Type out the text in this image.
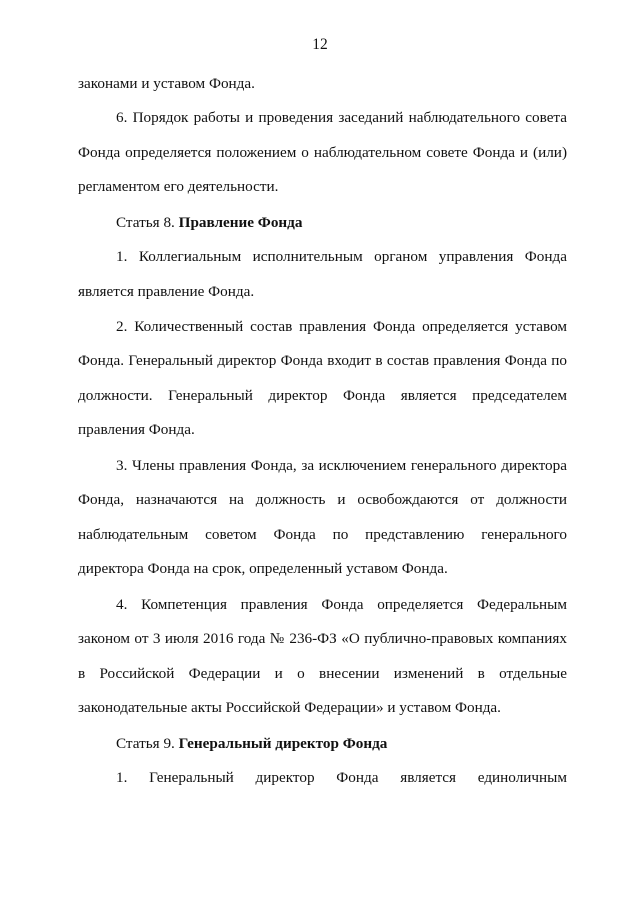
12
законами и уставом Фонда.
6. Порядок работы и проведения заседаний наблюдательного совета
Фонда определяется положением о наблюдательном совете Фонда и (или)
регламентом его деятельности.
Статья 8. Правление Фонда
1. Коллегиальным исполнительным органом управления Фонда
является правление Фонда.
2. Количественный состав правления Фонда определяется уставом
Фонда. Генеральный директор Фонда входит в состав правления Фонда по
должности. Генеральный директор Фонда является председателем
правления Фонда.
3. Члены правления Фонда, за исключением генерального директора
Фонда, назначаются на должность и освобождаются от должности
наблюдательным советом Фонда по представлению генерального
директора Фонда на срок, определенный уставом Фонда.
4. Компетенция правления Фонда определяется Федеральным
законом от 3 июля 2016 года № 236-ФЗ «О публично-правовых компаниях
в Российской Федерации и о внесении изменений в отдельные
законодательные акты Российской Федерации» и уставом Фонда.
Статья 9. Генеральный директор Фонда
1. Генеральный директор Фонда является единоличным
